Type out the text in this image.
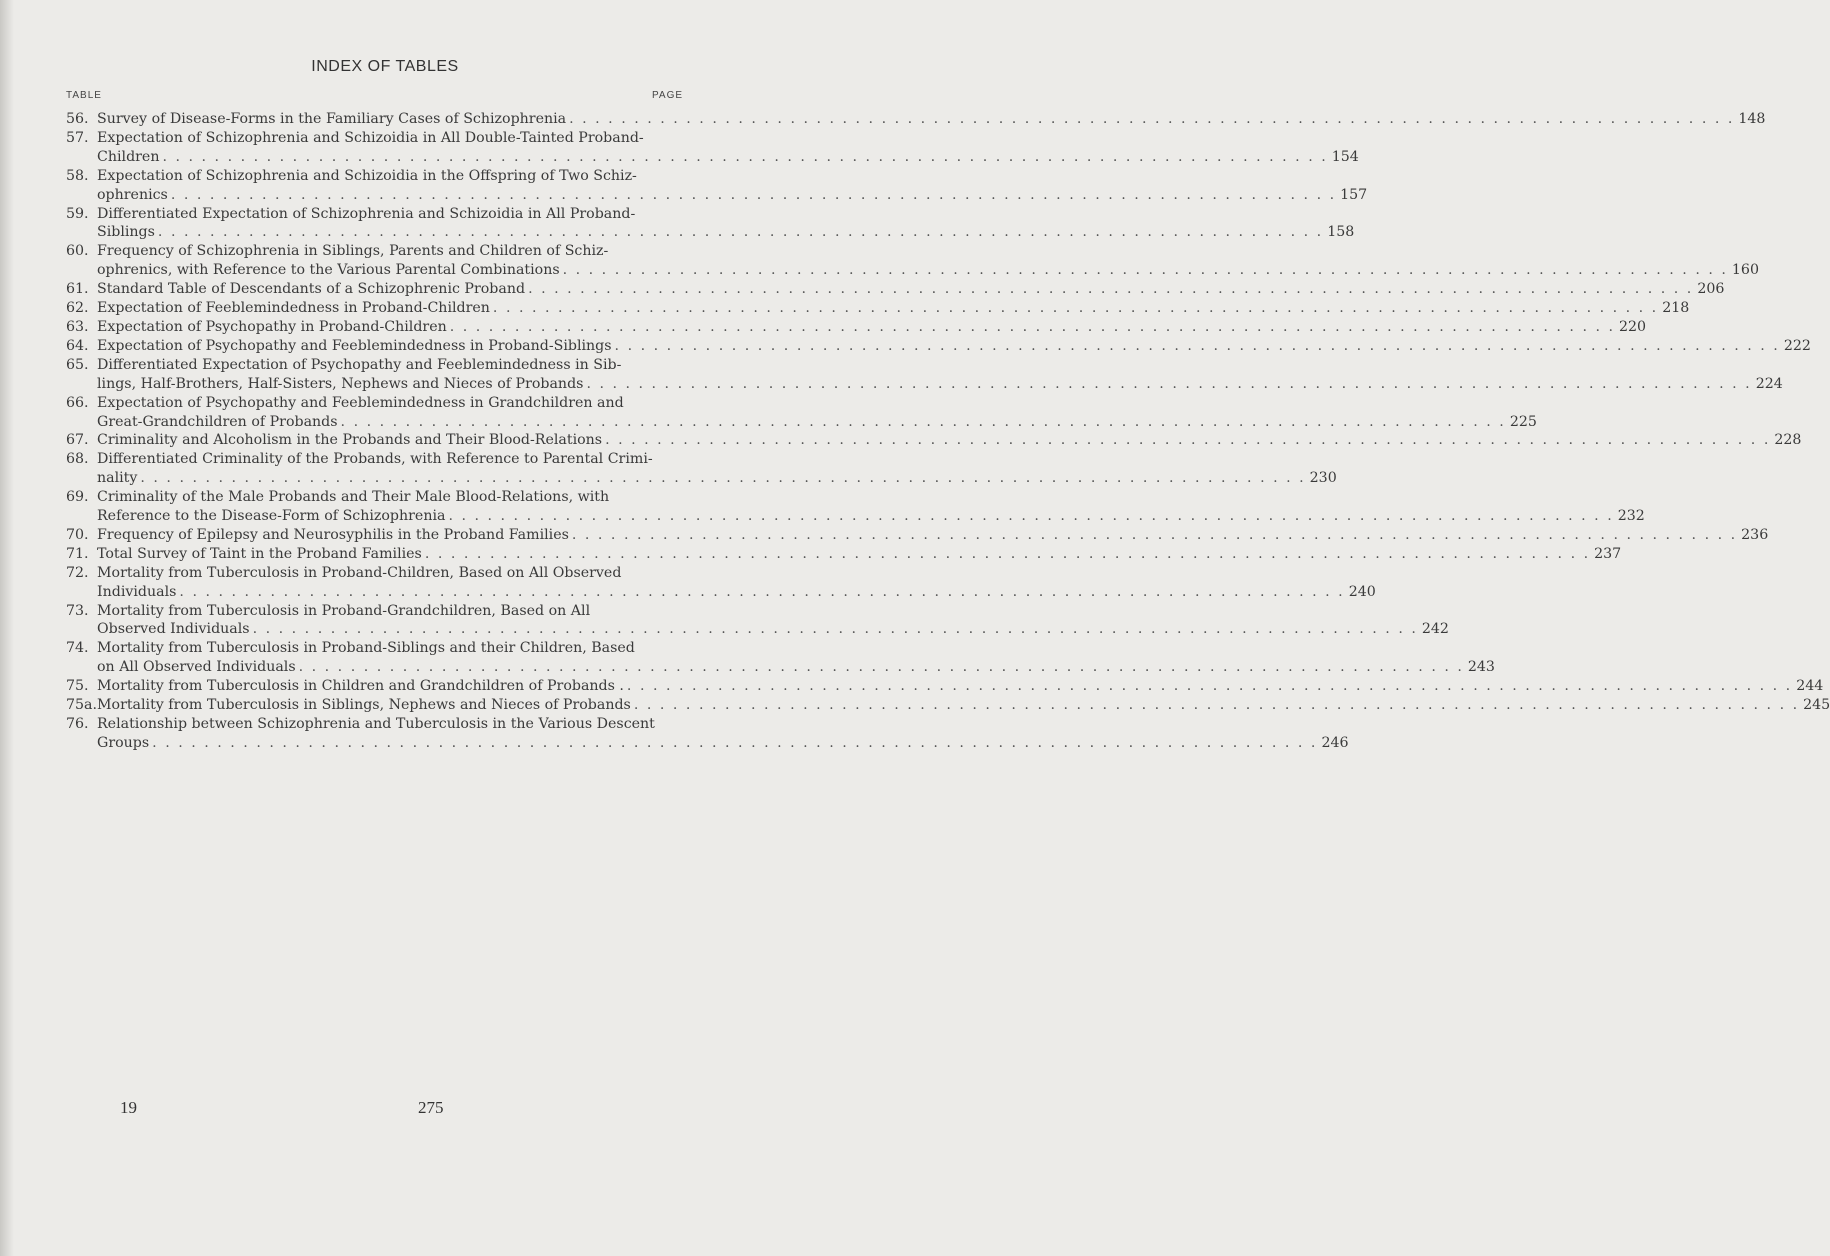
INDEX OF TABLES
TABLE	PAGE
56. Survey of Disease-Forms in the Familiary Cases of Schizophrenia . . . . . . . . . . . . . . . . . . . . . . . . . . . . . . . . . . . . . . . . . . . . . . . . . . . . . . . . . . . . . . . . . . . . . . . . . . . . . . . . . . . . . . . . . . 148
57. Expectation of Schizophrenia and Schizoidia in All Double-Tainted Proband-
Children . . . . . . . . . . . . . . . . . . . . . . . . . . . . . . . . . . . . . . . . . . . . . . . . . . . . . . . . . . . . . . . . . . . . . . . . . . . . . . . . . . . . . . . . . . 154
58. Expectation of Schizophrenia and Schizoidia in the Offspring of Two Schiz-
ophrenics . . . . . . . . . . . . . . . . . . . . . . . . . . . . . . . . . . . . . . . . . . . . . . . . . . . . . . . . . . . . . . . . . . . . . . . . . . . . . . . . . . . . . . . . . . 157
59. Differentiated Expectation of Schizophrenia and Schizoidia in All Proband-
Siblings . . . . . . . . . . . . . . . . . . . . . . . . . . . . . . . . . . . . . . . . . . . . . . . . . . . . . . . . . . . . . . . . . . . . . . . . . . . . . . . . . . . . . . . . . . 158
60. Frequency of Schizophrenia in Siblings, Parents and Children of Schiz-
ophrenics, with Reference to the Various Parental Combinations . . . . . . . . . . . . . . . . . . . . . . . . . . . . . . . . . . . . . . . . . . . . . . . . . . . . . . . . . . . . . . . . . . . . . . . . . . . . . . . . . . . . . . . . . . 160
61. Standard Table of Descendants of a Schizophrenic Proband . . . . . . . . . . . . . . . . . . . . . . . . . . . . . . . . . . . . . . . . . . . . . . . . . . . . . . . . . . . . . . . . . . . . . . . . . . . . . . . . . . . . . . . . . . 206
62. Expectation of Feeblemindedness in Proband-Children . . . . . . . . . . . . . . . . . . . . . . . . . . . . . . . . . . . . . . . . . . . . . . . . . . . . . . . . . . . . . . . . . . . . . . . . . . . . . . . . . . . . . . . . . . 218
63. Expectation of Psychopathy in Proband-Children . . . . . . . . . . . . . . . . . . . . . . . . . . . . . . . . . . . . . . . . . . . . . . . . . . . . . . . . . . . . . . . . . . . . . . . . . . . . . . . . . . . . . . . . . . 220
64. Expectation of Psychopathy and Feeblemindedness in Proband-Siblings . . . . . . . . . . . . . . . . . . . . . . . . . . . . . . . . . . . . . . . . . . . . . . . . . . . . . . . . . . . . . . . . . . . . . . . . . . . . . . . . . . . . . . . . . . 222
65. Differentiated Expectation of Psychopathy and Feeblemindedness in Sib-
lings, Half-Brothers, Half-Sisters, Nephews and Nieces of Probands . . . . . . . . . . . . . . . . . . . . . . . . . . . . . . . . . . . . . . . . . . . . . . . . . . . . . . . . . . . . . . . . . . . . . . . . . . . . . . . . . . . . . . . . . . 224
66. Expectation of Psychopathy and Feeblemindedness in Grandchildren and
Great-Grandchildren of Probands . . . . . . . . . . . . . . . . . . . . . . . . . . . . . . . . . . . . . . . . . . . . . . . . . . . . . . . . . . . . . . . . . . . . . . . . . . . . . . . . . . . . . . . . . . 225
67. Criminality and Alcoholism in the Probands and Their Blood-Relations . . . . . . . . . . . . . . . . . . . . . . . . . . . . . . . . . . . . . . . . . . . . . . . . . . . . . . . . . . . . . . . . . . . . . . . . . . . . . . . . . . . . . . . . . . 228
68. Differentiated Criminality of the Probands, with Reference to Parental Crimi-
nality . . . . . . . . . . . . . . . . . . . . . . . . . . . . . . . . . . . . . . . . . . . . . . . . . . . . . . . . . . . . . . . . . . . . . . . . . . . . . . . . . . . . . . . . . . 230
69. Criminality of the Male Probands and Their Male Blood-Relations, with
Reference to the Disease-Form of Schizophrenia . . . . . . . . . . . . . . . . . . . . . . . . . . . . . . . . . . . . . . . . . . . . . . . . . . . . . . . . . . . . . . . . . . . . . . . . . . . . . . . . . . . . . . . . . . 232
70. Frequency of Epilepsy and Neurosyphilis in the Proband Families . . . . . . . . . . . . . . . . . . . . . . . . . . . . . . . . . . . . . . . . . . . . . . . . . . . . . . . . . . . . . . . . . . . . . . . . . . . . . . . . . . . . . . . . . . 236
71. Total Survey of Taint in the Proband Families . . . . . . . . . . . . . . . . . . . . . . . . . . . . . . . . . . . . . . . . . . . . . . . . . . . . . . . . . . . . . . . . . . . . . . . . . . . . . . . . . . . . . . . . . . 237
72. Mortality from Tuberculosis in Proband-Children, Based on All Observed
Individuals . . . . . . . . . . . . . . . . . . . . . . . . . . . . . . . . . . . . . . . . . . . . . . . . . . . . . . . . . . . . . . . . . . . . . . . . . . . . . . . . . . . . . . . . . . 240
73. Mortality from Tuberculosis in Proband-Grandchildren, Based on All
Observed Individuals . . . . . . . . . . . . . . . . . . . . . . . . . . . . . . . . . . . . . . . . . . . . . . . . . . . . . . . . . . . . . . . . . . . . . . . . . . . . . . . . . . . . . . . . . . 242
74. Mortality from Tuberculosis in Proband-Siblings and their Children, Based
on All Observed Individuals . . . . . . . . . . . . . . . . . . . . . . . . . . . . . . . . . . . . . . . . . . . . . . . . . . . . . . . . . . . . . . . . . . . . . . . . . . . . . . . . . . . . . . . . . . 243
75. Mortality from Tuberculosis in Children and Grandchildren of Probands . . . . . . . . . . . . . . . . . . . . . . . . . . . . . . . . . . . . . . . . . . . . . . . . . . . . . . . . . . . . . . . . . . . . . . . . . . . . . . . . . . . . . . . . . . . 244
75a. Mortality from Tuberculosis in Siblings, Nephews and Nieces of Probands . . . . . . . . . . . . . . . . . . . . . . . . . . . . . . . . . . . . . . . . . . . . . . . . . . . . . . . . . . . . . . . . . . . . . . . . . . . . . . . . . . . . . . . . . . 245
76. Relationship between Schizophrenia and Tuberculosis in the Various Descent
Groups . . . . . . . . . . . . . . . . . . . . . . . . . . . . . . . . . . . . . . . . . . . . . . . . . . . . . . . . . . . . . . . . . . . . . . . . . . . . . . . . . . . . . . . . . . 246
19	275
